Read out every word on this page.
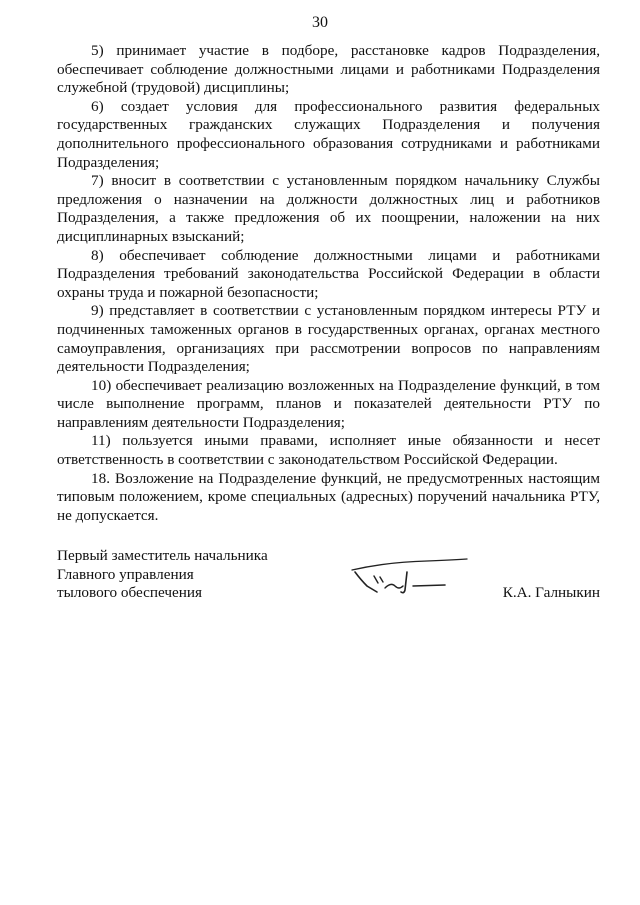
30

5) принимает участие в подборе, расстановке кадров Подразделения, обеспечивает соблюдение должностными лицами и работниками Подразделения служебной (трудовой) дисциплины;

6) создает условия для профессионального развития федеральных государственных гражданских служащих Подразделения и получения дополнительного профессионального образования сотрудниками и работниками Подразделения;

7) вносит в соответствии с установленным порядком начальнику Службы предложения о назначении на должности должностных лиц и работников Подразделения, а также предложения об их поощрении, наложении на них дисциплинарных взысканий;

8) обеспечивает соблюдение должностными лицами и работниками Подразделения требований законодательства Российской Федерации в области охраны труда и пожарной безопасности;

9) представляет в соответствии с установленным порядком интересы РТУ и подчиненных таможенных органов в государственных органах, органах местного самоуправления, организациях при рассмотрении вопросов по направлениям деятельности Подразделения;

10) обеспечивает реализацию возложенных на Подразделение функций, в том числе выполнение программ, планов и показателей деятельности РТУ по направлениям деятельности Подразделения;

11) пользуется иными правами, исполняет иные обязанности и несет ответственность в соответствии с законодательством Российской Федерации.

18. Возложение на Подразделение функций, не предусмотренных настоящим типовым положением, кроме специальных (адресных) поручений начальника РТУ, не допускается.

Первый заместитель начальника
Главного управления
тылового обеспечения	К.А. Галныкин
